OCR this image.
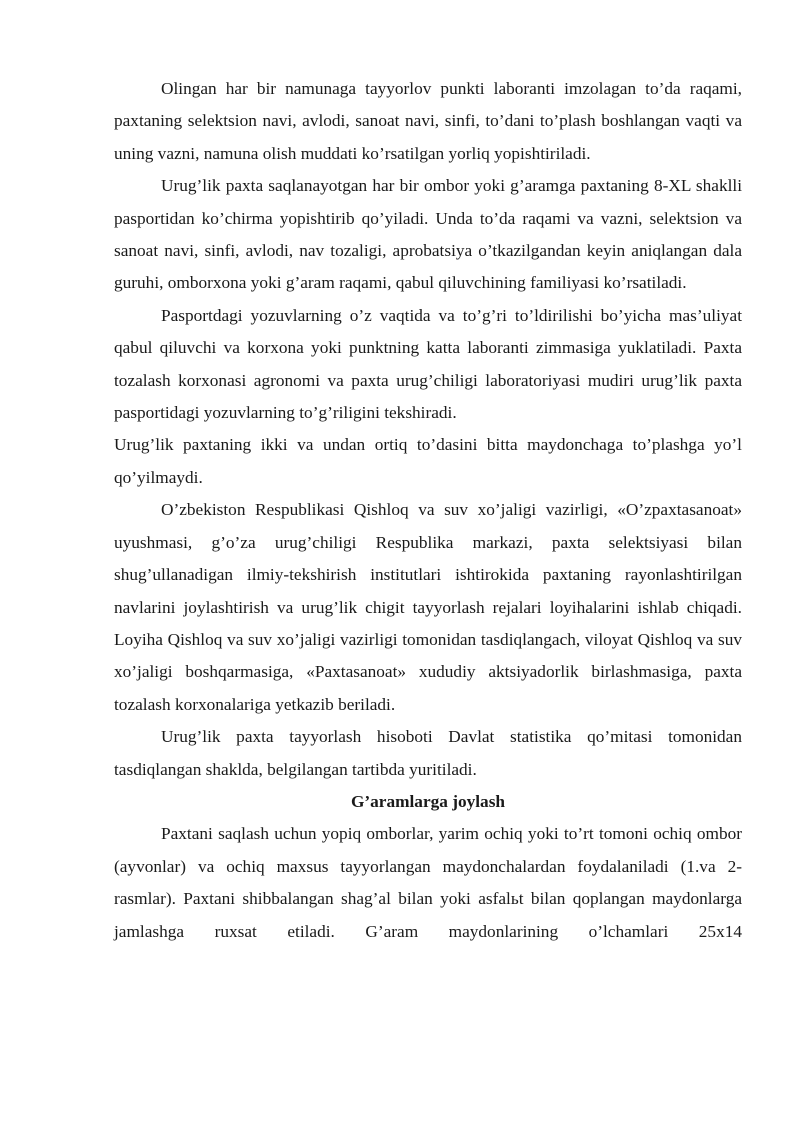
Olingan har bir namunaga tayyorlov punkti laboranti imzolagan to’da raqami, paxtaning selektsion navi, avlodi, sanoat navi, sinfi, to’dani to’plash boshlangan vaqti va uning vazni, namuna olish muddati ko’rsatilgan yorliq yopishtiriladi.

Urug’lik paxta saqlanayotgan har bir ombor yoki g’aramga paxtaning 8-XL shaklli pasportidan ko’chirma yopishtirib qo’yiladi. Unda to’da raqami va vazni, selektsion va sanoat navi, sinfi, avlodi, nav tozaligi, aprobatsiya o’tkazilgandan keyin aniqlangan dala guruhi, omborxona yoki g’aram raqami, qabul qiluvchining familiyasi ko’rsatiladi.

Pasportdagi yozuvlarning o’z vaqtida va to’g’ri to’ldirilishi bo’yicha mas’uliyat qabul qiluvchi va korxona yoki punktning katta laboranti zimmasiga yuklatiladi. Paxta tozalash korxonasi agronomi va paxta urug’chiligi laboratoriyasi mudiri urug’lik paxta pasportidagi yozuvlarning to’g’riligini tekshiradi.

Urug’lik paxtaning ikki va undan ortiq to’dasini bitta maydonchaga to’plashga yo’l qo’yilmaydi.

O’zbekiston Respublikasi Qishloq va suv xo’jaligi vazirligi, «O’zpaxtasanoat» uyushmasi, g’o’za urug’chiligi Respublika markazi, paxta selektsiyasi bilan shug’ullanadigan ilmiy-tekshirish institutlari ishtirokida paxtaning rayonlashtirilgan navlarini joylashtirish va urug’lik chigit tayyorlash rejalari loyihalarini ishlab chiqadi. Loyiha Qishloq va suv xo’jaligi vazirligi tomonidan tasdiqlangach, viloyat Qishloq va suv xo’jaligi boshqarmasiga, «Paxtasanoat» xududiy aktsiyadorlik birlashmasiga, paxta tozalash korxonalariga yetkazib beriladi.

Urug’lik paxta tayyorlash hisoboti Davlat statistika qo’mitasi tomonidan tasdiqlangan shaklda, belgilangan tartibda yuritiladi.

G’aramlarga joylash

Paxtani saqlash uchun yopiq omborlar, yarim ochiq yoki to’rt tomoni ochiq ombor (ayvonlar) va ochiq maxsus tayyorlangan maydonchalardan foydalaniladi (1.va 2-rasmlar). Paxtani shibbalangan shag’al bilan yoki asfalьt bilan qoplangan maydonlarga jamlashga ruxsat etiladi. G’aram maydonlarining o’lchamlari 25x14
